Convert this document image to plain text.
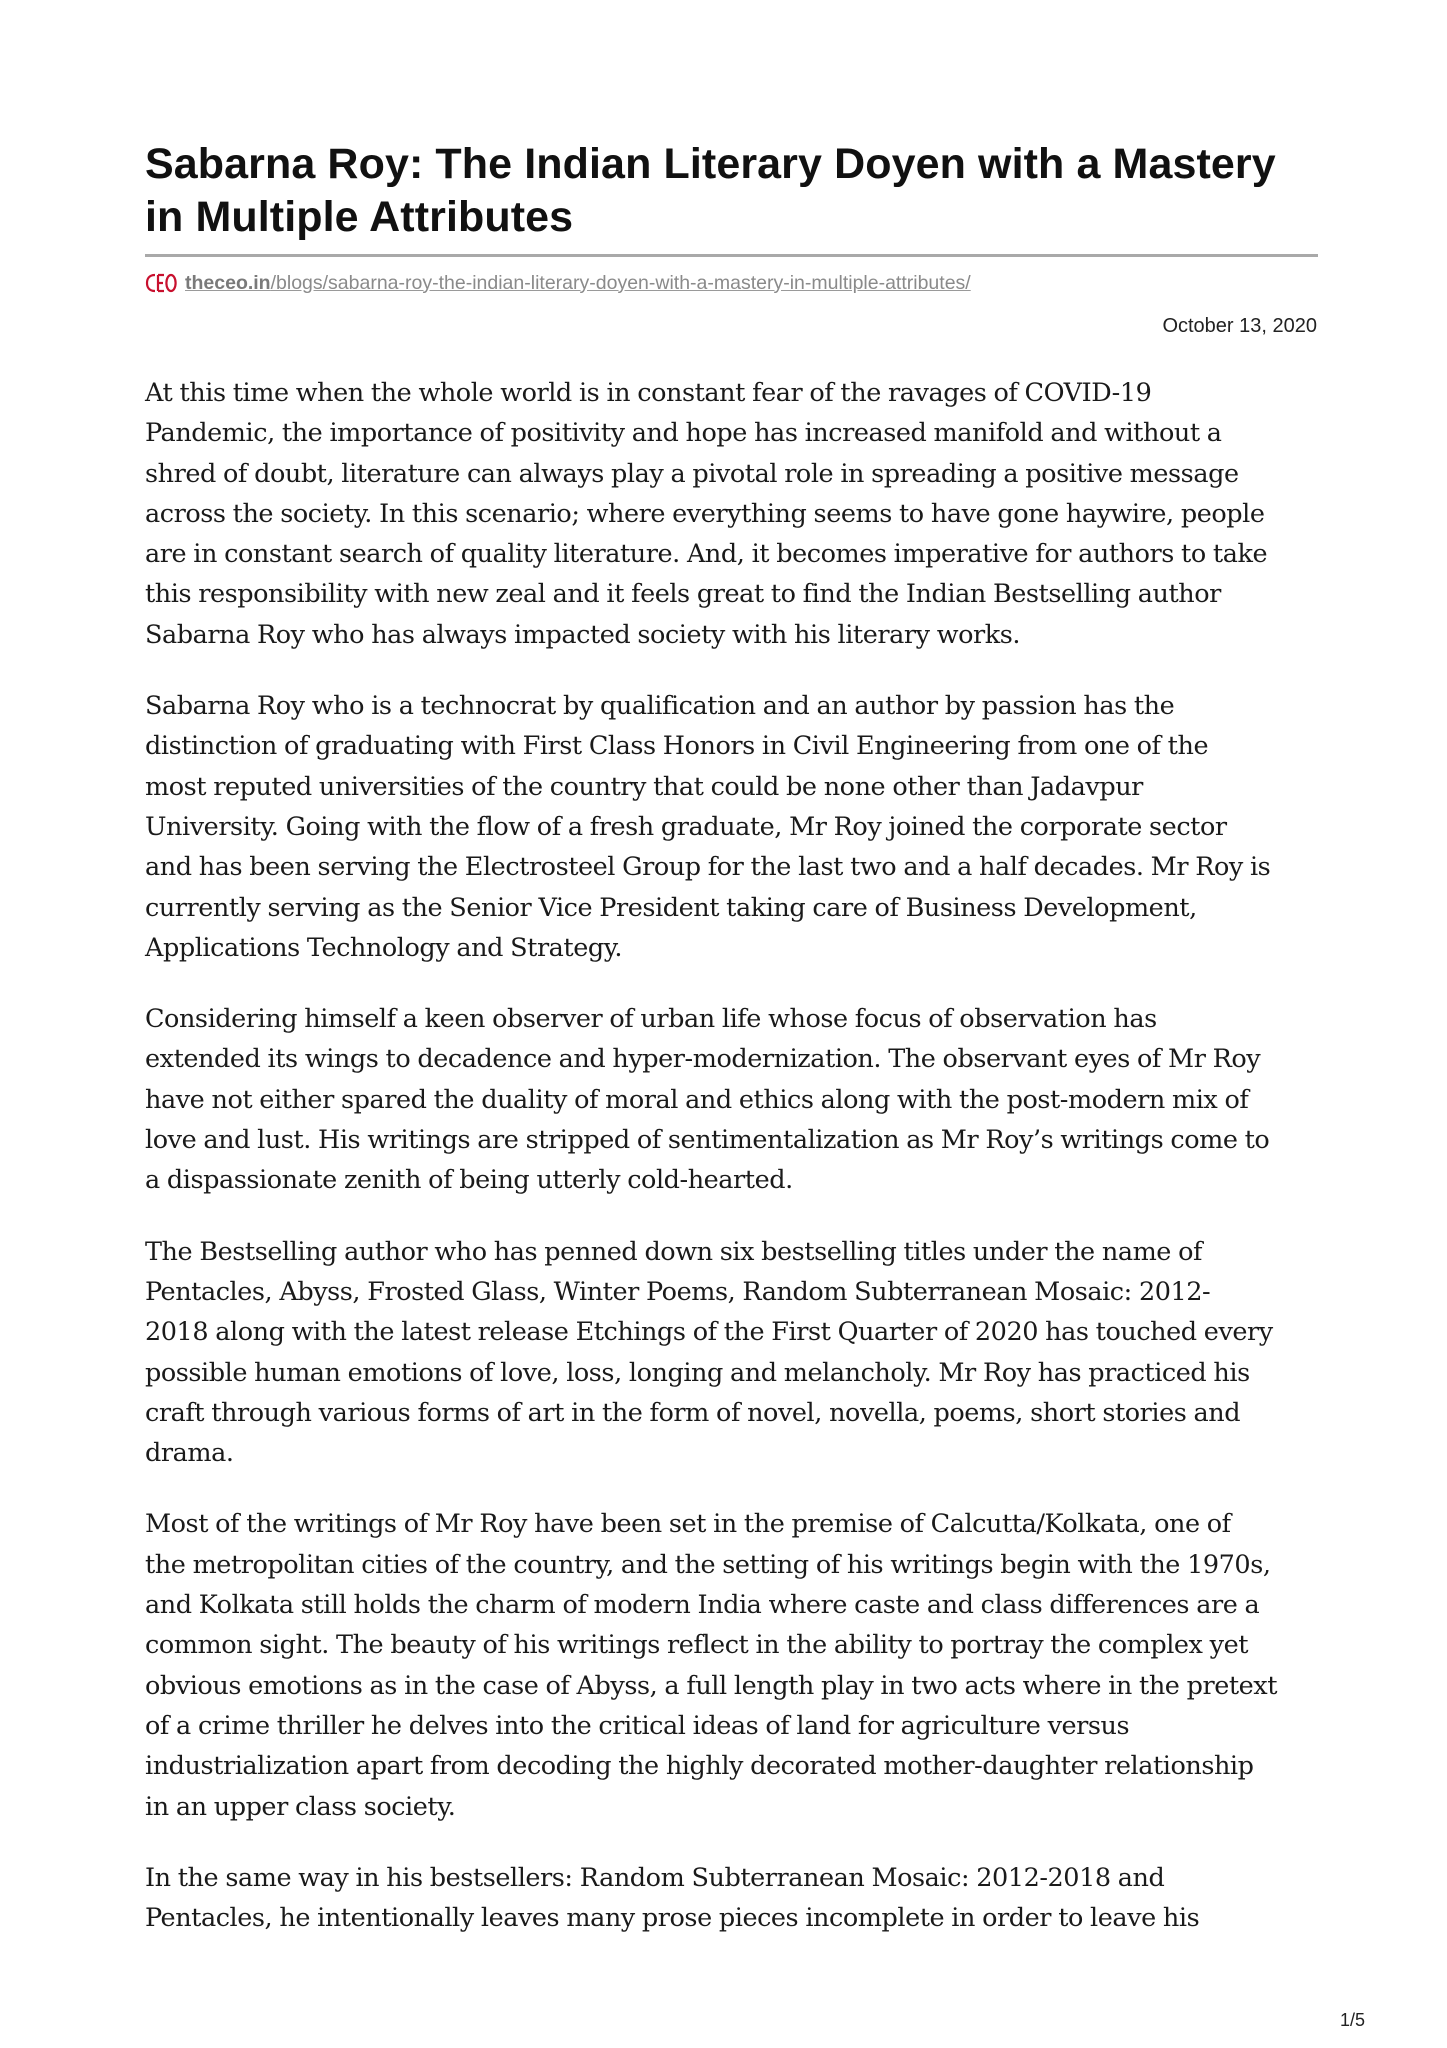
Sabarna Roy: The Indian Literary Doyen with a Mastery in Multiple Attributes
theceo.in/blogs/sabarna-roy-the-indian-literary-doyen-with-a-mastery-in-multiple-attributes/
October 13, 2020

At this time when the whole world is in constant fear of the ravages of COVID-19
Pandemic, the importance of positivity and hope has increased manifold and without a
shred of doubt, literature can always play a pivotal role in spreading a positive message
across the society. In this scenario; where everything seems to have gone haywire, people
are in constant search of quality literature. And, it becomes imperative for authors to take
this responsibility with new zeal and it feels great to find the Indian Bestselling author
Sabarna Roy who has always impacted society with his literary works.

Sabarna Roy who is a technocrat by qualification and an author by passion has the
distinction of graduating with First Class Honors in Civil Engineering from one of the
most reputed universities of the country that could be none other than Jadavpur
University. Going with the flow of a fresh graduate, Mr Roy joined the corporate sector
and has been serving the Electrosteel Group for the last two and a half decades. Mr Roy is
currently serving as the Senior Vice President taking care of Business Development,
Applications Technology and Strategy.

Considering himself a keen observer of urban life whose focus of observation has
extended its wings to decadence and hyper-modernization. The observant eyes of Mr Roy
have not either spared the duality of moral and ethics along with the post-modern mix of
love and lust. His writings are stripped of sentimentalization as Mr Roy’s writings come to
a dispassionate zenith of being utterly cold-hearted.

The Bestselling author who has penned down six bestselling titles under the name of
Pentacles, Abyss, Frosted Glass, Winter Poems, Random Subterranean Mosaic: 2012-
2018 along with the latest release Etchings of the First Quarter of 2020 has touched every
possible human emotions of love, loss, longing and melancholy. Mr Roy has practiced his
craft through various forms of art in the form of novel, novella, poems, short stories and
drama.

Most of the writings of Mr Roy have been set in the premise of Calcutta/Kolkata, one of
the metropolitan cities of the country, and the setting of his writings begin with the 1970s,
and Kolkata still holds the charm of modern India where caste and class differences are a
common sight. The beauty of his writings reflect in the ability to portray the complex yet
obvious emotions as in the case of Abyss, a full length play in two acts where in the pretext
of a crime thriller he delves into the critical ideas of land for agriculture versus
industrialization apart from decoding the highly decorated mother-daughter relationship
in an upper class society.

In the same way in his bestsellers: Random Subterranean Mosaic: 2012-2018 and
Pentacles, he intentionally leaves many prose pieces incomplete in order to leave his

1/5
